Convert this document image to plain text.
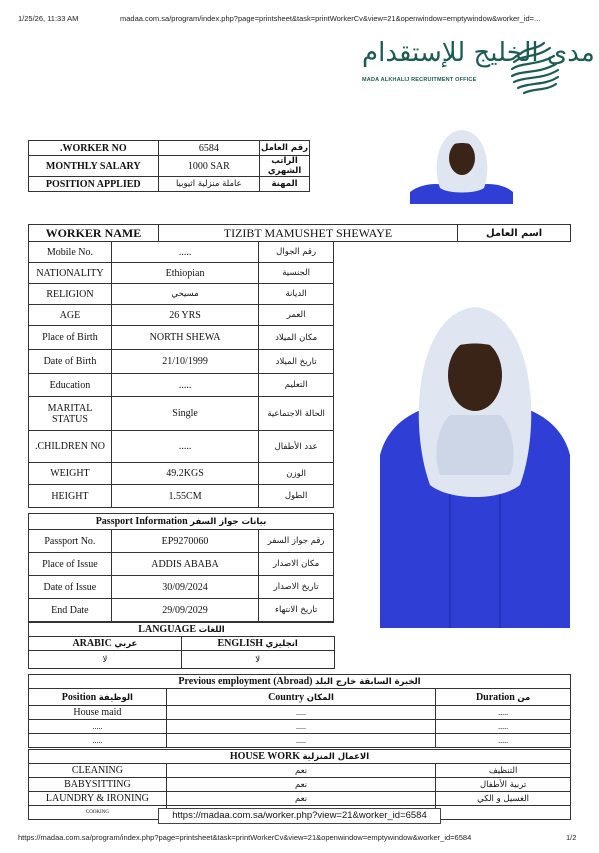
1/25/26, 11:33 AM	madaa.com.sa/program/index.php?page=printsheet&task=printWorkerCv&view=21&openwindow=emptywindow&worker_id=...
مدى الخليج للإستقدام
MADA ALKHALIJ RECRUITMENT OFFICE
.WORKER NO	6584	رقم العامل
MONTHLY SALARY	1000 SAR	الراتب الشهري
POSITION APPLIED	عاملة منزلية اثيوبيا	المهنة
WORKER NAME	TIZIBT MAMUSHET SHEWAYE	اسم العامل
Mobile No.	.....	رقم الجوال
NATIONALITY	Ethiopian	الجنسية
RELIGION	مسيحي	الديانة
AGE	26 YRS	العمر
Place of Birth	NORTH SHEWA	مكان الميلاد
Date of Birth	21/10/1999	تاريخ الميلاد
Education	.....	التعليم
MARITAL STATUS	Single	الحالة الاجتماعية
.CHILDREN NO	.....	عدد الأطفال
WEIGHT	49.2KGS	الوزن
HEIGHT	1.55CM	الطول
Passport Information بيانات جواز السفر		
Passport No.	EP9270060	رقم جواز السفر
Place of Issue	ADDIS ABABA	مكان الاصدار
Date of Issue	30/09/2024	تاريخ الاصدار
End Date	29/09/2029	تاريخ الانتهاء
LANGUAGE اللغات		
ARABIC عربي	ENGLISH انجليزي	
لا	لا	
Previous employment (Abroad) الخبرة السابقة خارج البلد		
Position الوظيفة	Country المكان	Duration من
House maid	.....	.....
.....	.....	.....
.....	.....	.....
HOUSE WORK الاعمال المنزلية		
CLEANING	نعم	التنظيف
BABYSITTING	نعم	تربية الأطفال
LAUNDRY & IRONING	نعم	الغسيل و الكي
COOKING			https://madaa.com.sa/worker.php?view=21&worker_id=6584
https://madaa.com.sa/program/index.php?page=printsheet&task=printWorkerCv&view=21&openwindow=emptywindow&worker_id=6584	1/2
